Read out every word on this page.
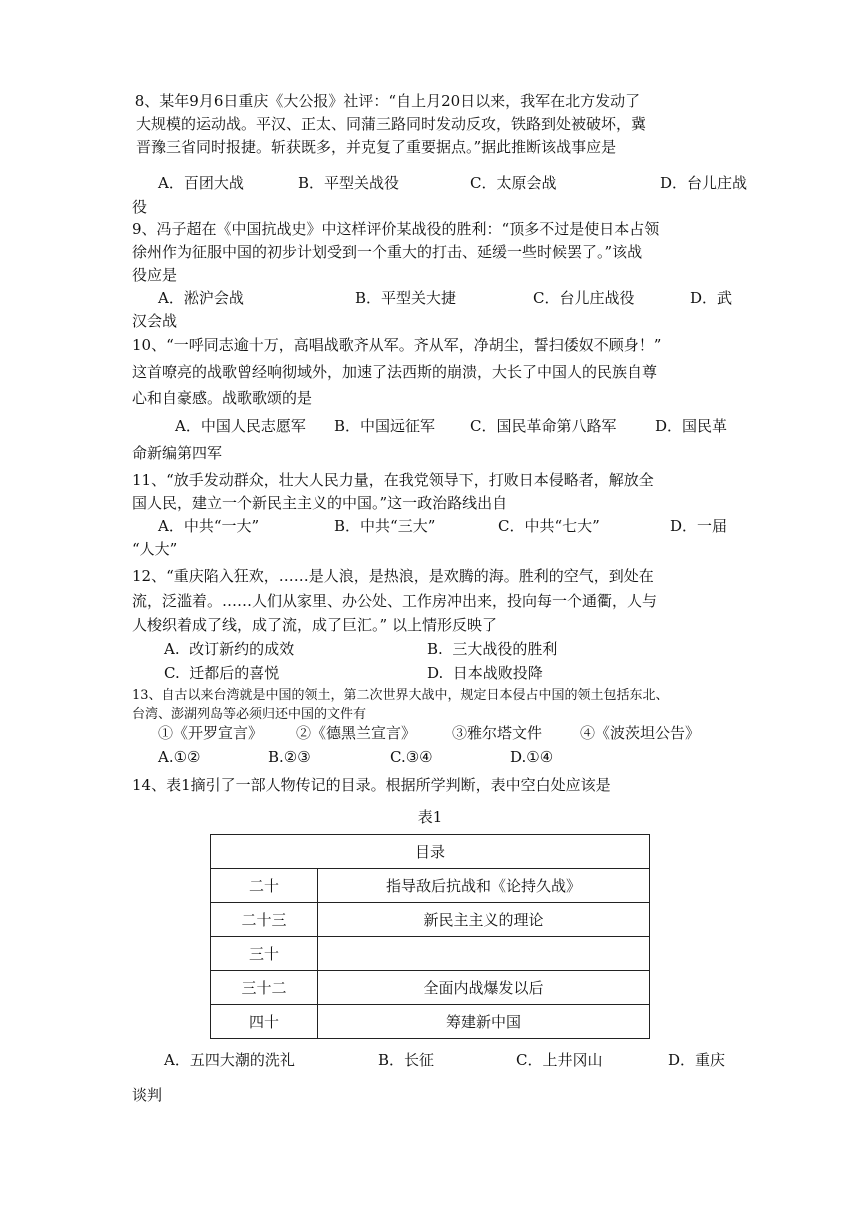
8、某年9月6日重庆《大公报》社评：“自上月20日以来，我军在北方发动了
大规模的运动战。平汉、正太、同蒲三路同时发动反攻，铁路到处被破坏，冀
晋豫三省同时报捷。斩获既多，并克复了重要据点。”据此推断该战事应是
A．百团大战	B．平型关战役	C．太原会战	D．台儿庄战
役
9、冯子超在《中国抗战史》中这样评价某战役的胜利：“顶多不过是使日本占领
徐州作为征服中国的初步计划受到一个重大的打击、延缓一些时候罢了。”该战
役应是
A．淞沪会战	B．平型关大捷	C．台儿庄战役	D．武
汉会战
10、“一呼同志逾十万，高唱战歌齐从军。齐从军，净胡尘，誓扫倭奴不顾身！”
这首嘹亮的战歌曾经响彻域外，加速了法西斯的崩溃，大长了中国人的民族自尊
心和自豪感。战歌歌颂的是
A．中国人民志愿军 B．中国远征军 C．国民革命第八路军	D．国民革
命新编第四军
11、“放手发动群众，壮大人民力量，在我党领导下，打败日本侵略者，解放全
国人民，建立一个新民主主义的中国。”这一政治路线出自
A．中共“一大”	B．中共“三大”	C．中共“七大”	D．一届
“人大”
12、“重庆陷入狂欢，……是人浪，是热浪，是欢腾的海。胜利的空气，到处在
流，泛滥着。……人们从家里、办公处、工作房冲出来，投向每一个通衢，人与
人梭织着成了线，成了流，成了巨汇。” 以上情形反映了
A.  改订新约的成效	B.  三大战役的胜利
C.  迁都后的喜悦	D.  日本战败投降
13、自古以来台湾就是中国的领土，第二次世界大战中，规定日本侵占中国的领土包括东北、
台湾、澎湖列岛等必须归还中国的文件有
①《开罗宣言》 ②《德黑兰宣言》 ③雅尔塔文件	④《波茨坦公告》
A.①②	B.②③	C.③④	D.①④
14、表1摘引了一部人物传记的目录。根据所学判断，表中空白处应该是
表1
目录	
二十	指导敌后抗战和《论持久战》
二十三	新民主主义的理论
三十	
三十二	全面内战爆发以后
四十	筹建新中国
A．五四大潮的洗礼	B．长征	C．上井冈山	D．重庆
谈判
